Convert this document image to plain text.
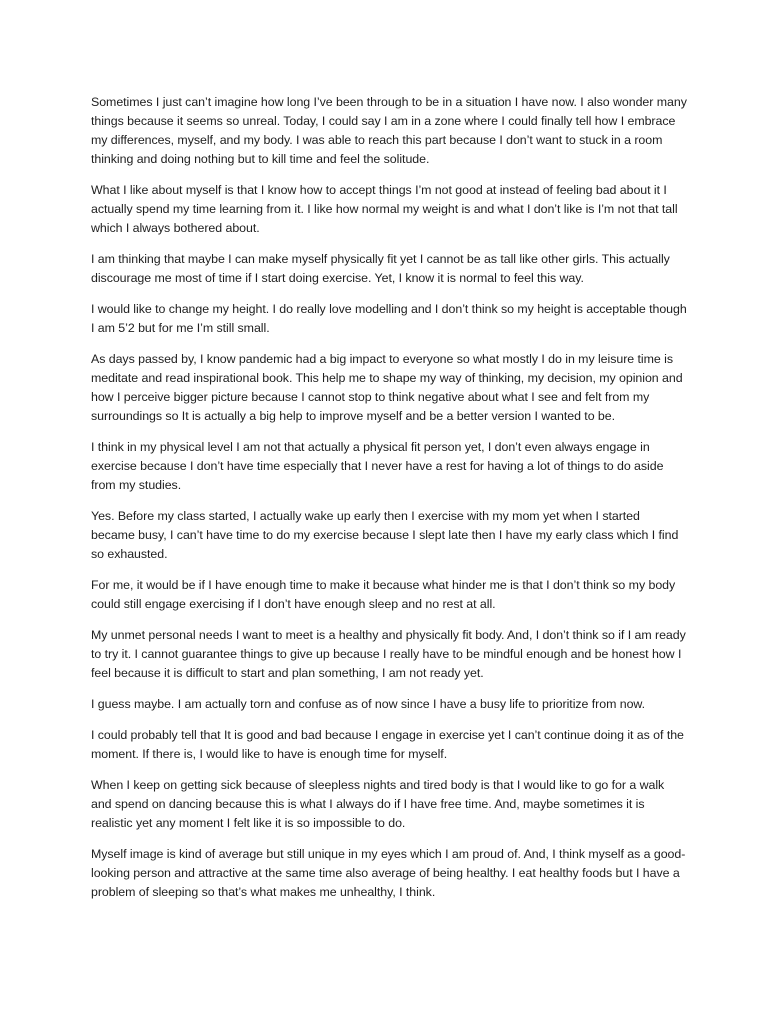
Sometimes I just can’t imagine how long I’ve been through to be in a situation I have now. I also wonder many things because it seems so unreal. Today, I could say I am in a zone where I could finally tell how I embrace my differences, myself, and my body. I was able to reach this part because I don’t want to stuck in a room thinking and doing nothing but to kill time and feel the solitude.

What I like about myself is that I know how to accept things I’m not good at instead of feeling bad about it I actually spend my time learning from it. I like how normal my weight is and what I don’t like is I’m not that tall which I always bothered about.

I am thinking that maybe I can make myself physically fit yet I cannot be as tall like other girls. This actually discourage me most of time if I start doing exercise. Yet, I know it is normal to feel this way.

I would like to change my height. I do really love modelling and I don’t think so my height is acceptable though I am 5’2 but for me I’m still small.

As days passed by, I know pandemic had a big impact to everyone so what mostly I do in my leisure time is meditate and read inspirational book. This help me to shape my way of thinking, my decision, my opinion and how I perceive bigger picture because I cannot stop to think negative about what I see and felt from my surroundings so It is actually a big help to improve myself and be a better version I wanted to be.

I think in my physical level I am not that actually a physical fit person yet, I don’t even always engage in exercise because I don’t have time especially that I never have a rest for having a lot of things to do aside from my studies.

Yes. Before my class started, I actually wake up early then I exercise with my mom yet when I started became busy, I can’t have time to do my exercise because I slept late then I have my early class which I find so exhausted.

For me, it would be if I have enough time to make it because what hinder me is that I don’t think so my body could still engage exercising if I don’t have enough sleep and no rest at all.

My unmet personal needs I want to meet is a healthy and physically fit body. And, I don’t think so if I am ready to try it. I cannot guarantee things to give up because I really have to be mindful enough and be honest how I feel because it is difficult to start and plan something, I am not ready yet.

I guess maybe. I am actually torn and confuse as of now since I have a busy life to prioritize from now.

I could probably tell that It is good and bad because I engage in exercise yet I can’t continue doing it as of the moment. If there is, I would like to have is enough time for myself.

When I keep on getting sick because of sleepless nights and tired body is that I would like to go for a walk and spend on dancing because this is what I always do if I have free time. And, maybe sometimes it is realistic yet any moment I felt like it is so impossible to do.

Myself image is kind of average but still unique in my eyes which I am proud of. And, I think myself as a good-looking person and attractive at the same time also average of being healthy. I eat healthy foods but I have a problem of sleeping so that’s what makes me unhealthy, I think.
